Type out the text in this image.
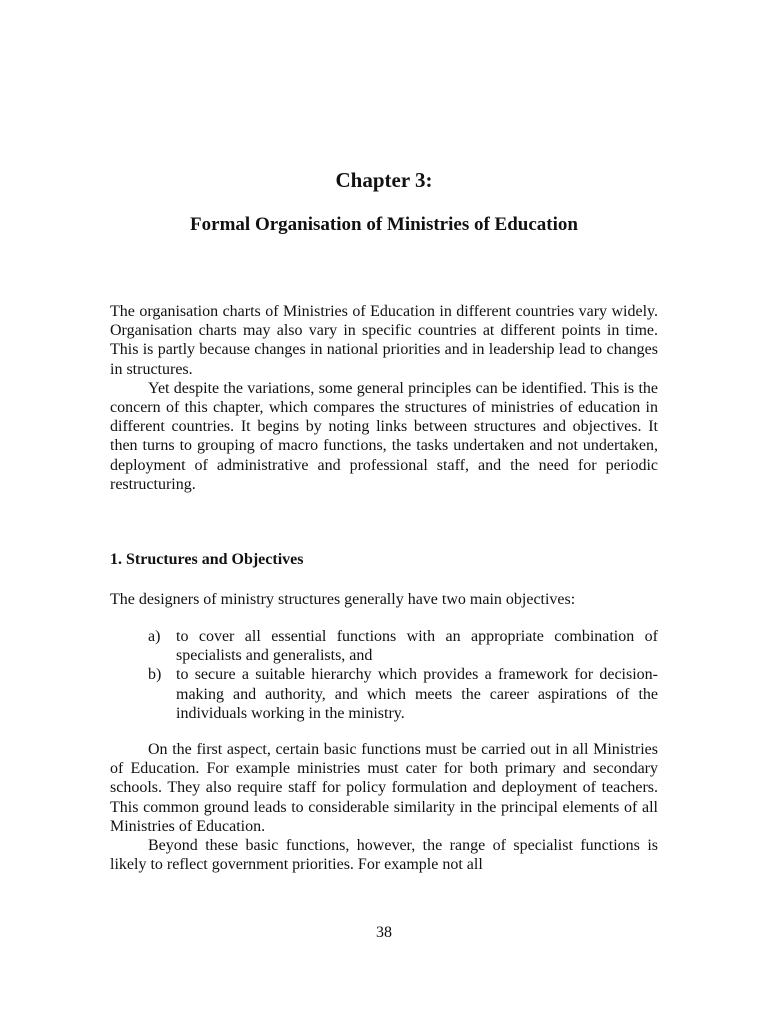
Chapter 3:
Formal Organisation of Ministries of Education

The organisation charts of Ministries of Education in different countries vary widely. Organisation charts may also vary in specific countries at different points in time. This is partly because changes in national priorities and in leadership lead to changes in structures.

Yet despite the variations, some general principles can be identified. This is the concern of this chapter, which compares the structures of ministries of education in different countries. It begins by noting links between structures and objectives. It then turns to grouping of macro functions, the tasks undertaken and not undertaken, deployment of administrative and professional staff, and the need for periodic restructuring.

1. Structures and Objectives
The designers of ministry structures generally have two main objectives:
a) to cover all essential functions with an appropriate combination of specialists and generalists, and
b) to secure a suitable hierarchy which provides a framework for decision-making and authority, and which meets the career aspirations of the individuals working in the ministry.

On the first aspect, certain basic functions must be carried out in all Ministries of Education. For example ministries must cater for both primary and secondary schools. They also require staff for policy formulation and deployment of teachers. This common ground leads to considerable similarity in the principal elements of all Ministries of Education.

Beyond these basic functions, however, the range of specialist functions is likely to reflect government priorities. For example not all

38
